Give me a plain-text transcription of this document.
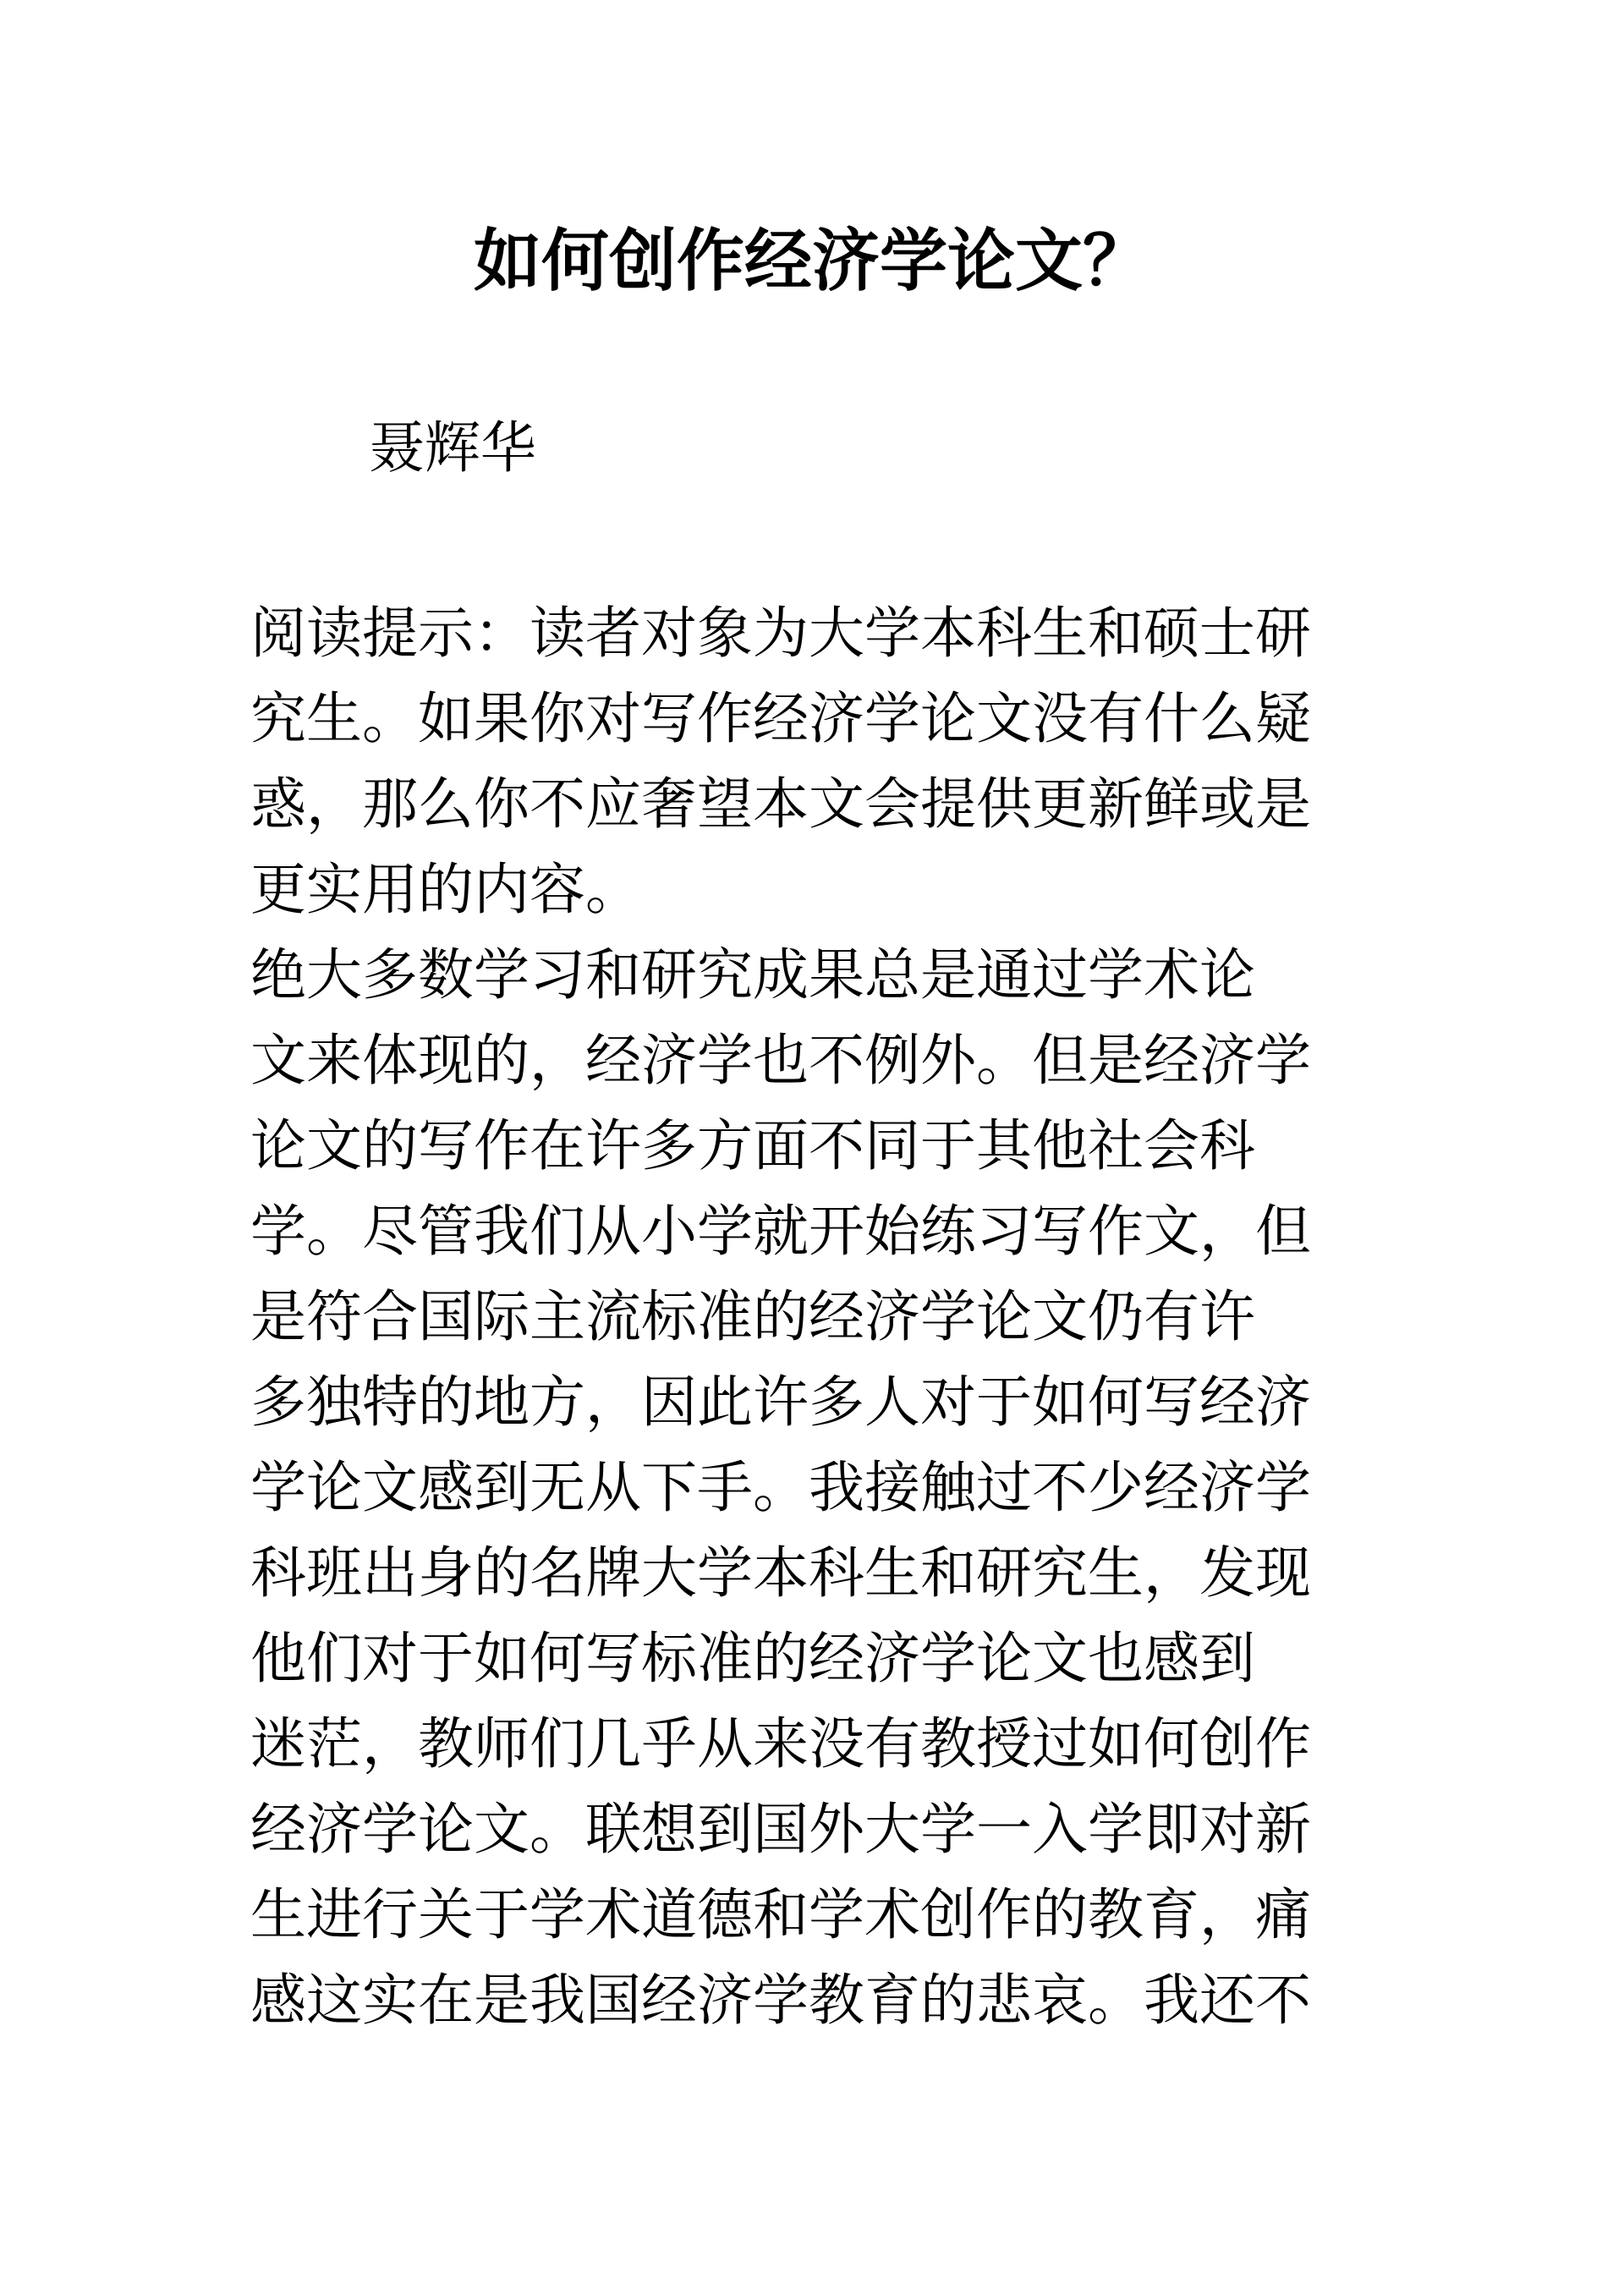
如何创作经济学论文？

聂辉华

阅读提示：读者对象为大学本科生和硕士研
究生。如果你对写作经济学论文没有什么疑
惑，那么你不应奢望本文会提供更新鲜或是
更实用的内容。
绝大多数学习和研究成果总是通过学术论
文来体现的，经济学也不例外。但是经济学
论文的写作在许多方面不同于其他社会科
学。尽管我们从小学就开始练习写作文，但
是符合国际主流标准的经济学论文仍有许
多独特的地方，因此许多人对于如何写经济
学论文感到无从下手。我接触过不少经济学
科班出身的名牌大学本科生和研究生，发现
他们对于如何写标准的经济学论文也感到
迷茫，教师们几乎从来没有教授过如何创作
经济学论文。联想到国外大学一入学即对新
生进行关于学术道德和学术创作的教育，痛
感这实在是我国经济学教育的悲哀。我还不
